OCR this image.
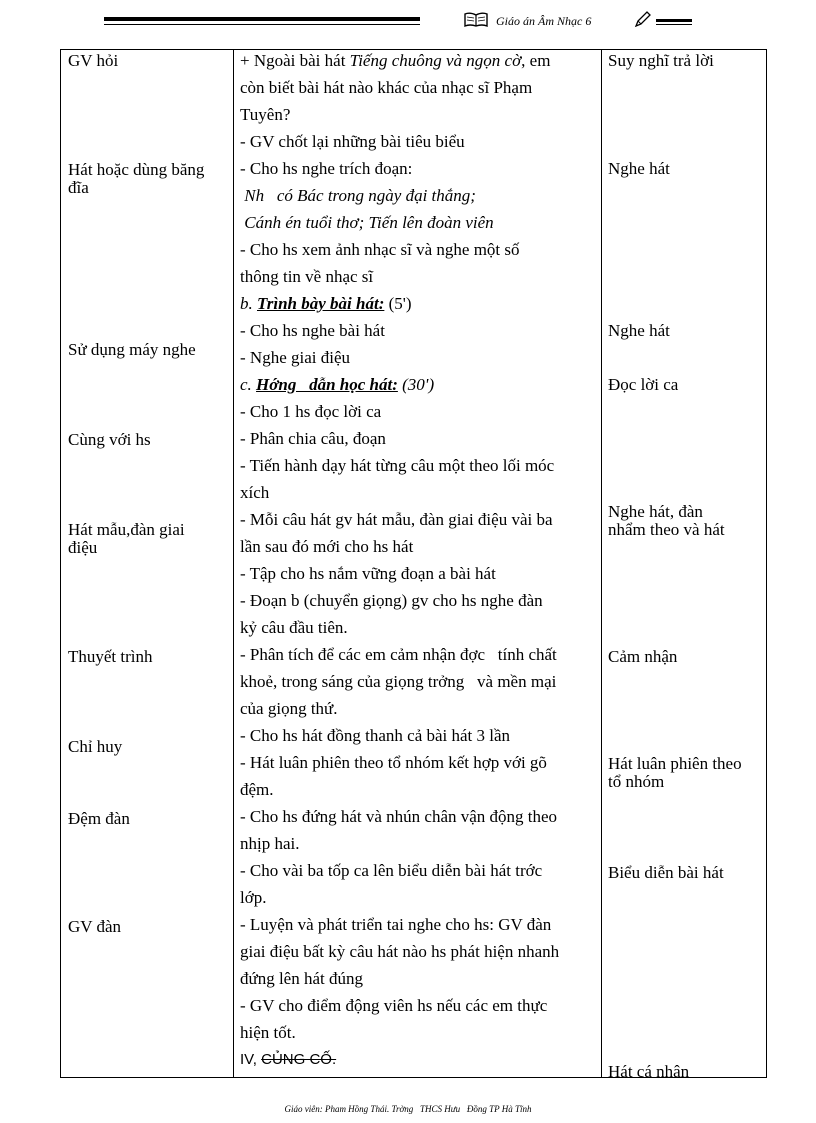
Giáo án Âm Nhạc 6
GV hỏi
Hát hoặc dùng băng
đĩa
Sử dụng máy nghe
Cùng với hs
Hát mẫu,đàn giai
điệu
Thuyết trình
Chỉ huy
Đệm đàn
GV đàn
+ Ngoài bài hát Tiếng chuông và ngọn cờ, em
còn biết bài hát nào khác của nhạc sĩ Phạm
Tuyên?
- GV chốt lại những bài tiêu biểu
- Cho hs nghe trích đoạn:
Nh   có Bác trong ngày đại thắng;
Cánh én tuổi thơ; Tiến lên đoàn viên
- Cho hs xem ảnh nhạc sĩ và nghe một số
thông tin về nhạc sĩ
b. Trình bày bài hát: (5')
- Cho hs nghe bài hát
- Nghe giai điệu
c. Hớng   dẫn học hát: (30')
- Cho 1 hs đọc lời ca
- Phân chia câu, đoạn
- Tiến hành dạy hát từng câu một theo lối móc
xích
- Mỗi câu hát gv hát mẫu, đàn giai điệu vài ba
lần sau đó mới cho hs hát
- Tập cho hs nắm vững đoạn a bài hát
- Đoạn b (chuyển giọng) gv cho hs nghe đàn
kỷ câu đầu tiên.
- Phân tích để các em cảm nhận đợc   tính chất
khoẻ, trong sáng của giọng trởng   và mền mại
của giọng thứ.
- Cho hs hát đồng thanh cả bài hát 3 lần
- Hát luân phiên theo tổ nhóm kết hợp với gõ
đệm.
- Cho hs đứng hát và nhún chân vận động theo
nhịp hai.
- Cho vài ba tốp ca lên biểu diễn bài hát trớc
lớp.
- Luyện và phát triển tai nghe cho hs: GV đàn
giai điệu bất kỳ câu hát nào hs phát hiện nhanh
đứng lên hát đúng
- GV cho điểm động viên hs nếu các em thực
hiện tốt.
IV, CỦNG CỐ.
Suy nghĩ trả lời
Nghe hát
Nghe hát
Đọc lời ca
Nghe hát, đàn
nhẩm theo và hát
Cảm nhận
Hát luân phiên theo
tổ nhóm
Biểu diễn bài hát
Hát cá nhân
Giáo viên: Pham Hồng Thái. Trờng   THCS Hưu   Đồng TP Hà Tĩnh
